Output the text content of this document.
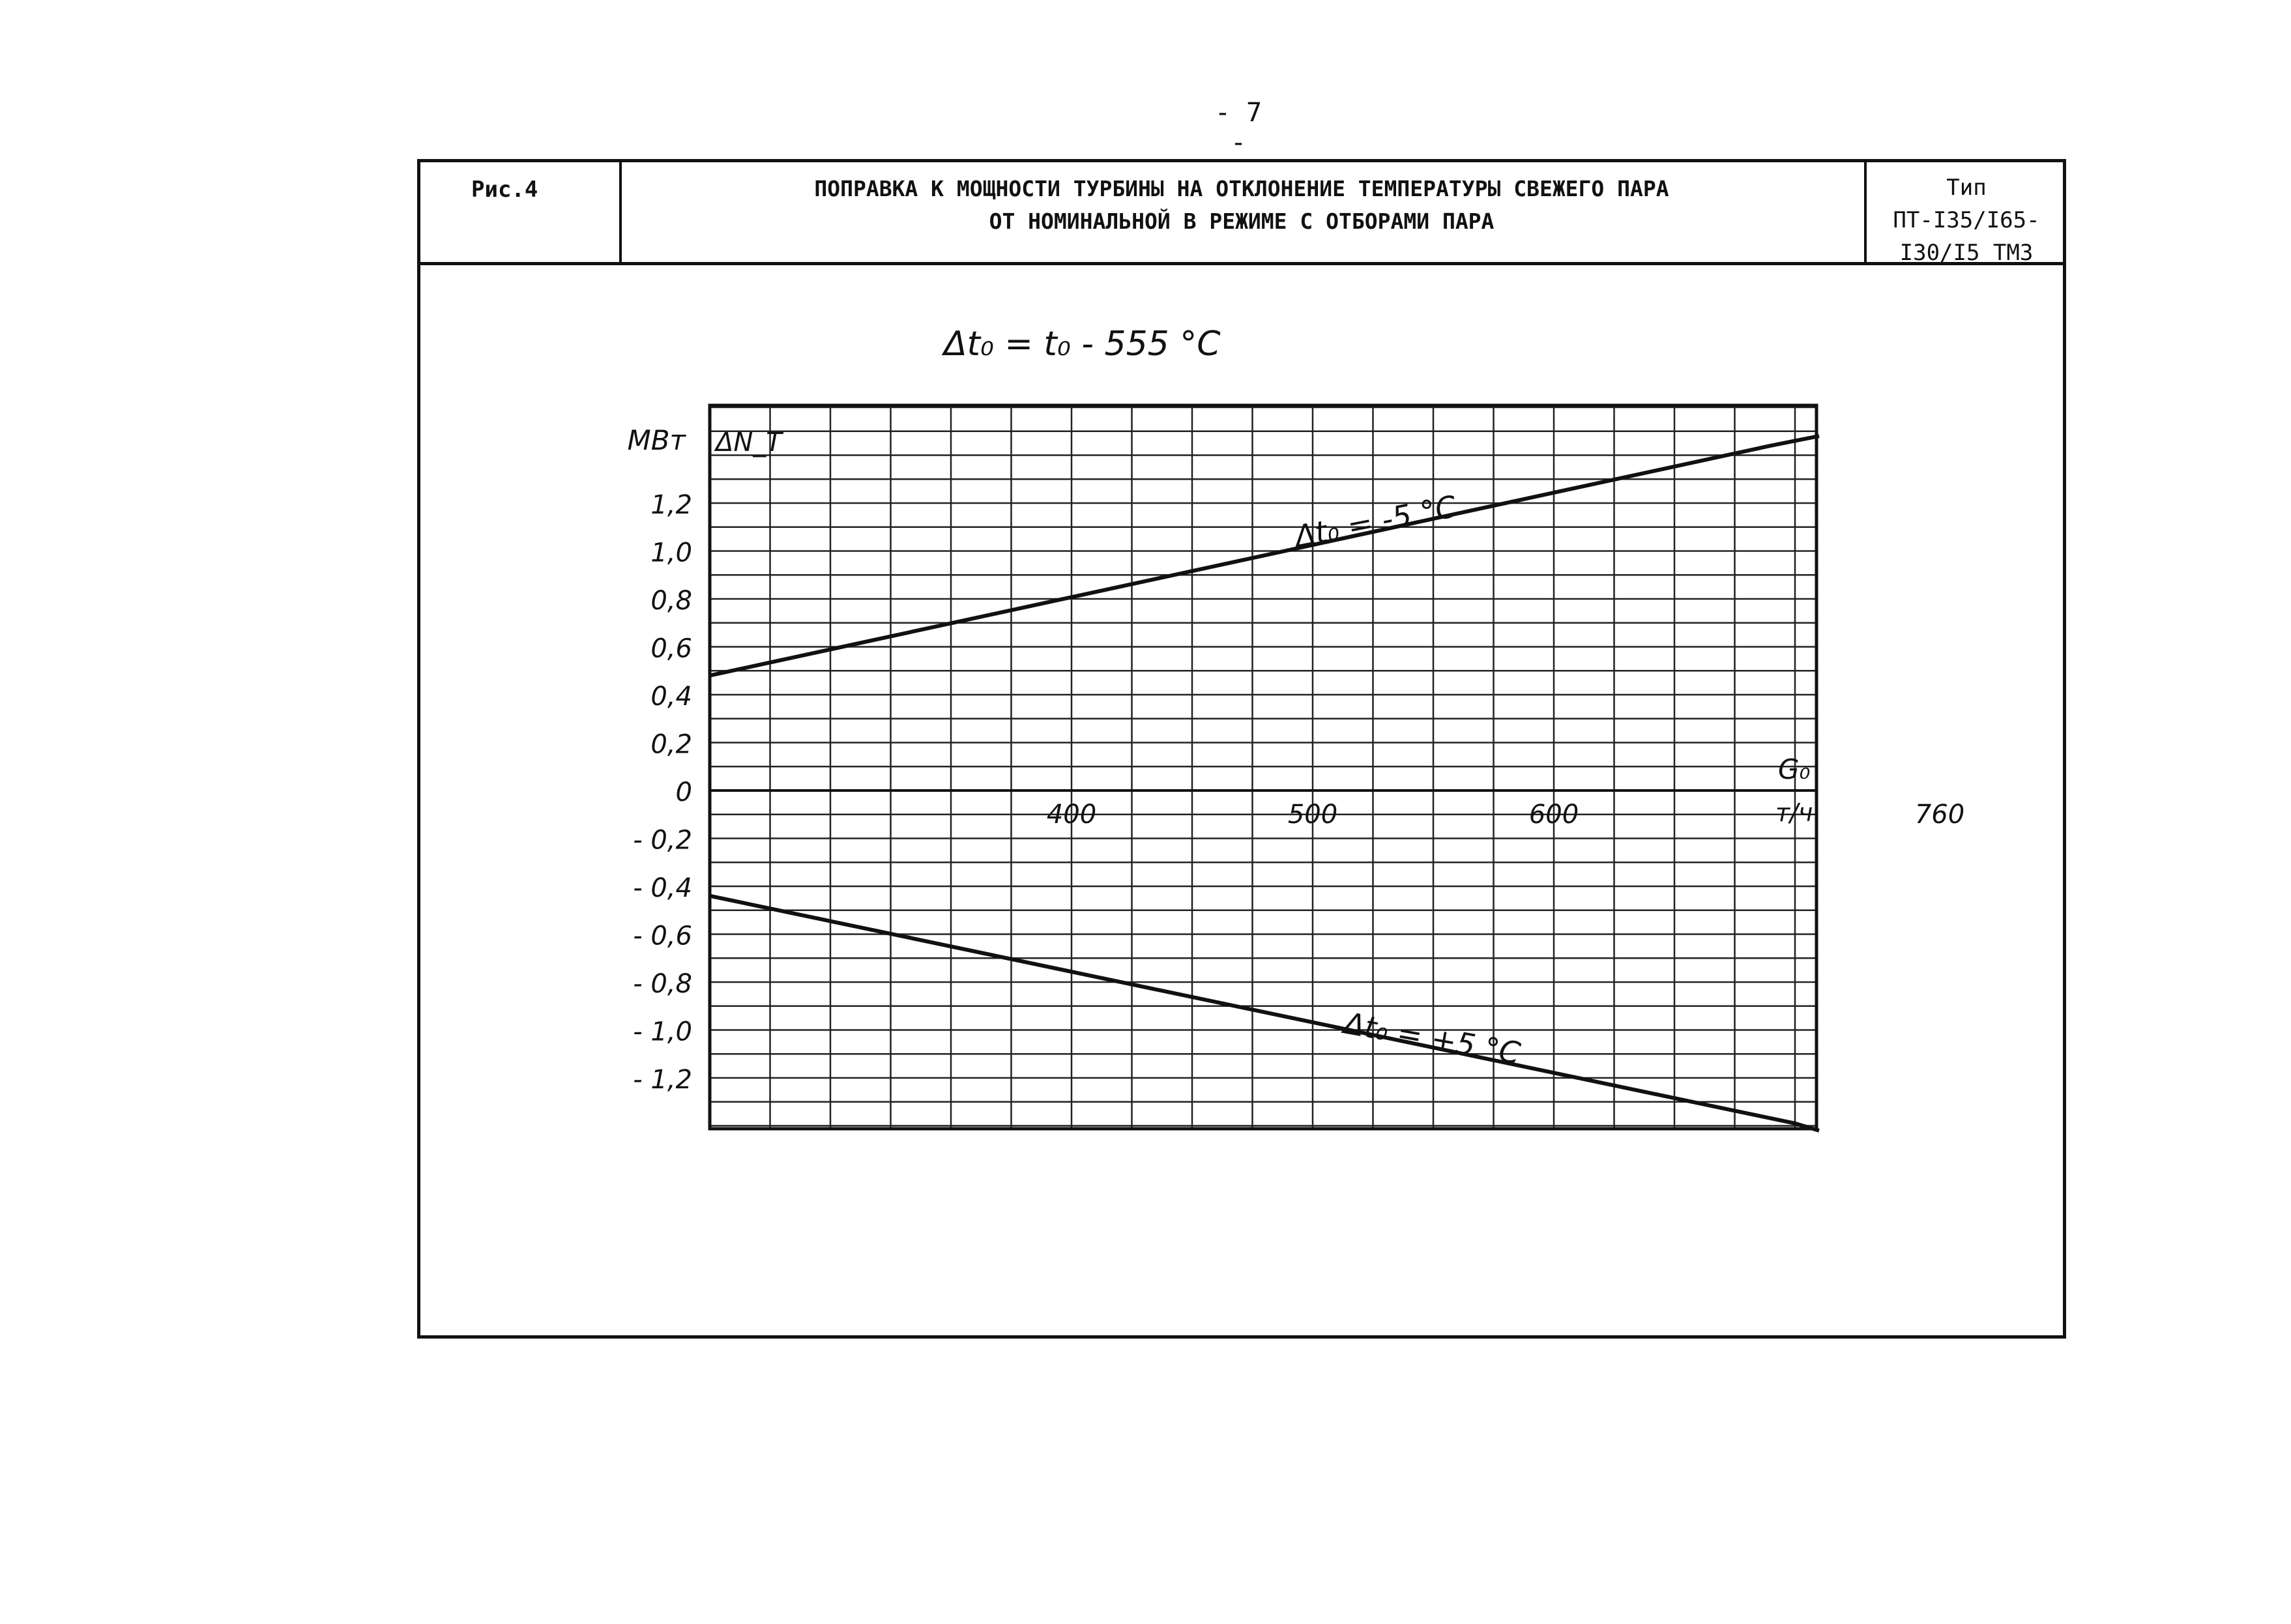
- 7 -
Рис.4	ПОПРАВКА К МОЩНОСТИ ТУРБИНЫ НА ОТКЛОНЕНИЕ ТЕМПЕРАТУРЫ СВЕЖЕГО ПАРА
ОТ НОМИНАЛЬНОЙ В РЕЖИМЕ С ОТБОРАМИ ПАРА
Тип
ПТ-I35/I65-
I30/I5 ТМЗ
1,2
1,0
0,8
0,6
0,4
0,2
0
- 0,2
- 0,4
- 0,6
- 0,8
- 1,0
- 1,2
400	500	600	760
МВт ΔN_T
G₀
т/ч
Δt₀ = t₀ - 555 °C
Δt₀ = -5 °C
Δt₀ = +5 °C
